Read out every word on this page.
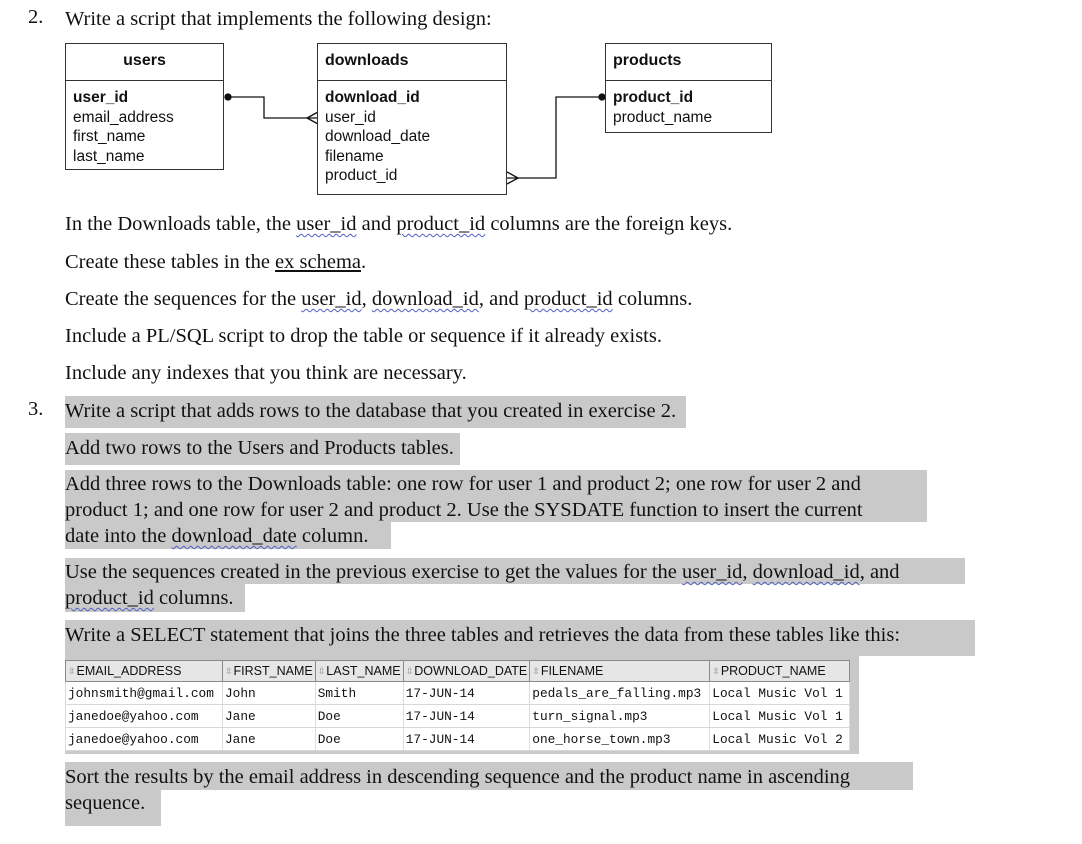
2. Write a script that implements the following design:
users
user_id
email_address
first_name
last_name
downloads
download_id
user_id
download_date
filename
product_id
products
product_id
product_name
In the Downloads table, the user_id and product_id columns are the foreign keys.
Create these tables in the ex schema.
Create the sequences for the user_id, download_id, and product_id columns.
Include a PL/SQL script to drop the table or sequence if it already exists.
Include any indexes that you think are necessary.
3. Write a script that adds rows to the database that you created in exercise 2.
Add two rows to the Users and Products tables.
Add three rows to the Downloads table: one row for user 1 and product 2; one row for user 2 and
product 1; and one row for user 2 and product 2. Use the SYSDATE function to insert the current
date into the download_date column.
Use the sequences created in the previous exercise to get the values for the user_id, download_id, and
product_id columns.
Write a SELECT statement that joins the three tables and retrieves the data from these tables like this:
⇳EMAIL_ADDRESS	⇳FIRST_NAME	⇳LAST_NAME	⇳DOWNLOAD_DATE	⇳FILENAME	⇳PRODUCT_NAME
johnsmith@gmail.com	John	Smith	17-JUN-14	pedals_are_falling.mp3	Local Music Vol 1
janedoe@yahoo.com	Jane	Doe	17-JUN-14	turn_signal.mp3	Local Music Vol 1
janedoe@yahoo.com	Jane	Doe	17-JUN-14	one_horse_town.mp3	Local Music Vol 2
Sort the results by the email address in descending sequence and the product name in ascending
sequence.
